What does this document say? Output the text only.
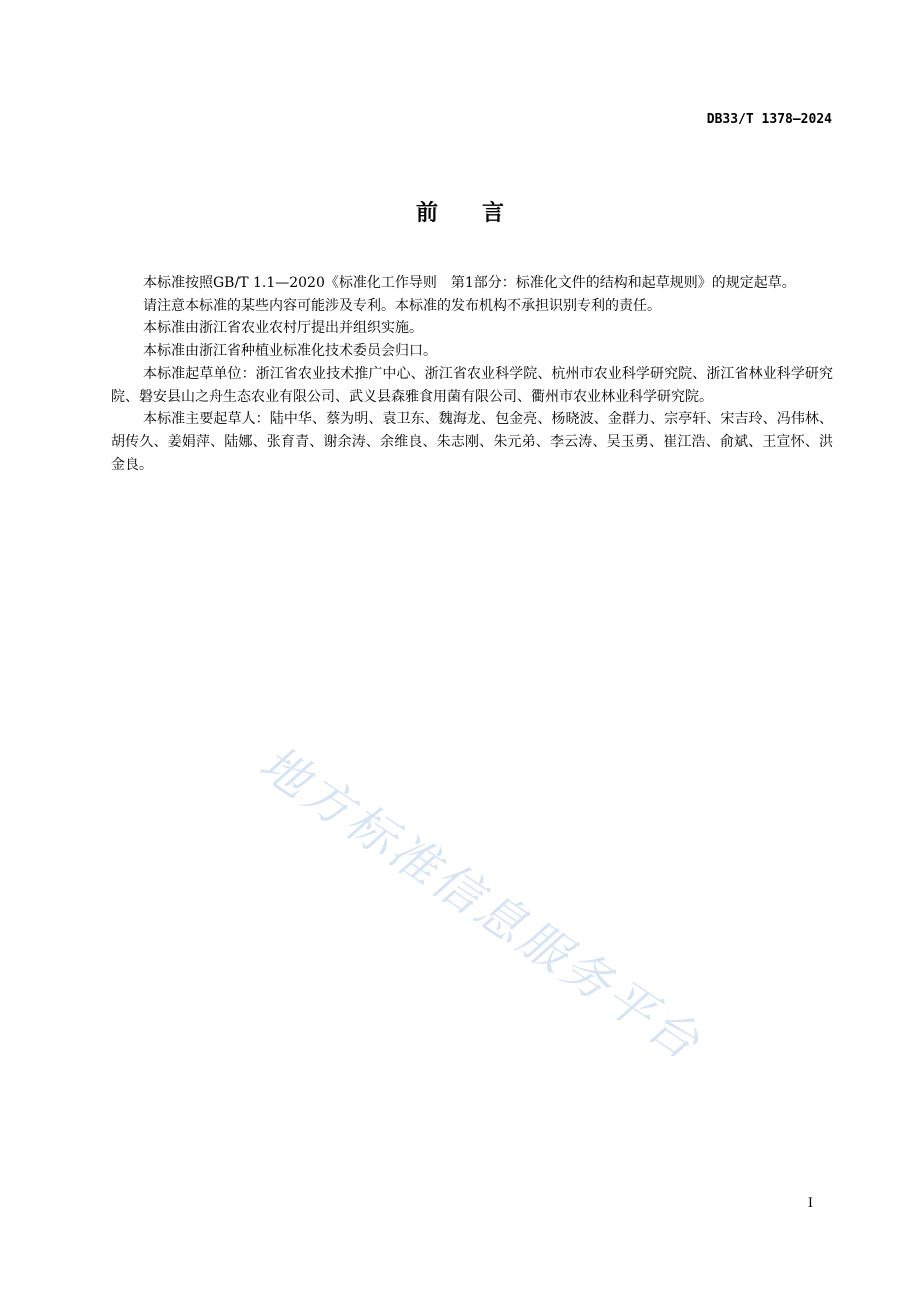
DB33/T 1378—2024
前言

本标准按照GB/T 1.1—2020《标准化工作导则　第1部分：标准化文件的结构和起草规则》的规定起草。

请注意本标准的某些内容可能涉及专利。本标准的发布机构不承担识别专利的责任。

本标准由浙江省农业农村厅提出并组织实施。

本标准由浙江省种植业标准化技术委员会归口。

本标准起草单位：浙江省农业技术推广中心、浙江省农业科学院、杭州市农业科学研究院、浙江省林业科学研究院、磐安县山之舟生态农业有限公司、武义县森雅食用菌有限公司、衢州市农业林业科学研究院。

本标准主要起草人：陆中华、蔡为明、袁卫东、魏海龙、包金亮、杨晓波、金群力、宗亭轩、宋吉玲、冯伟林、胡传久、姜娟萍、陆娜、张育青、谢余涛、余维良、朱志刚、朱元弟、李云涛、吴玉勇、崔江浩、俞斌、王宣怀、洪金良。

地方标准信息服务平台
I
